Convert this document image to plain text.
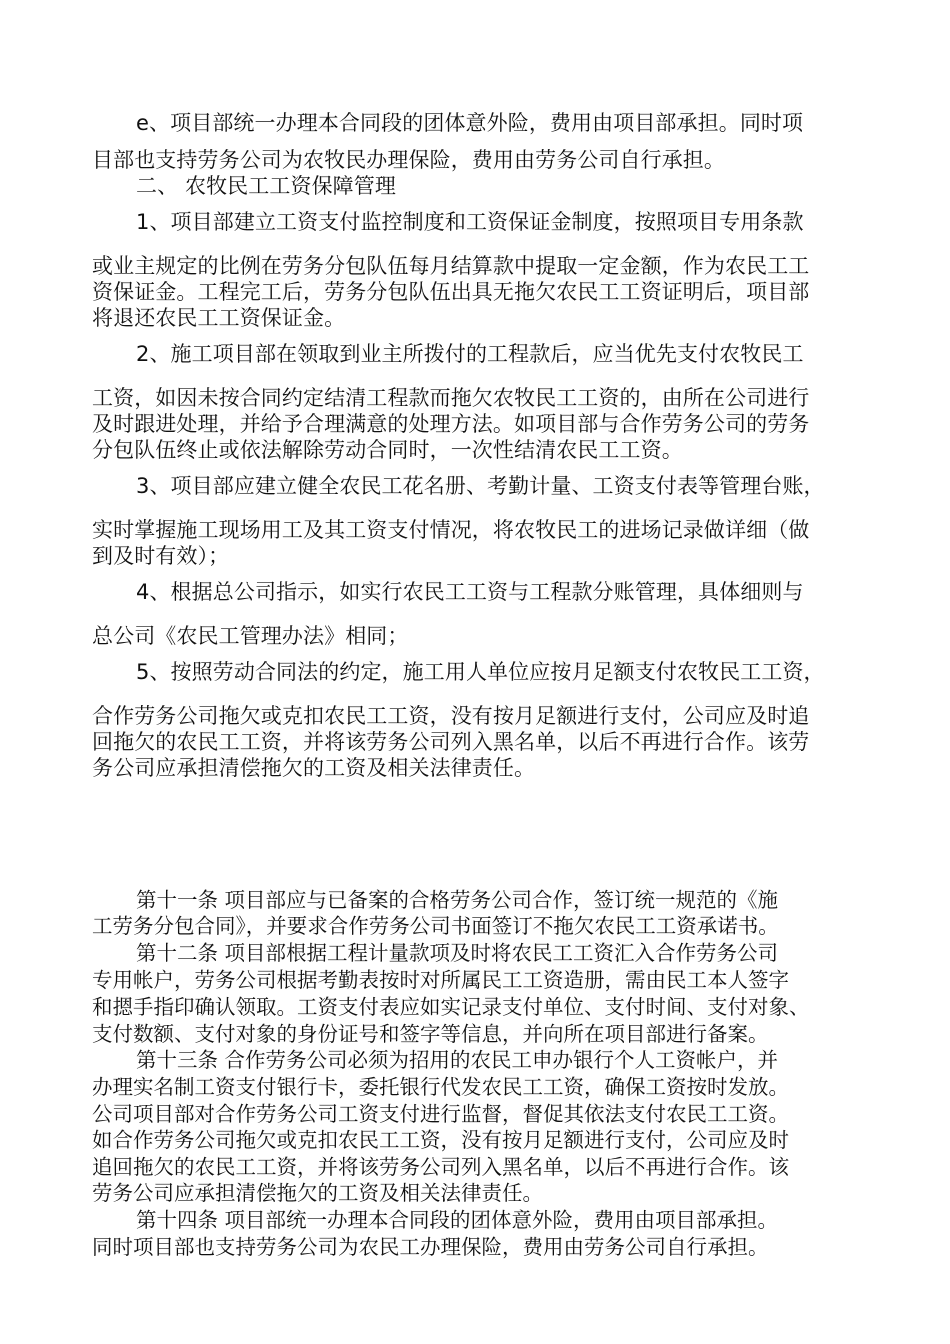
e、项目部统一办理本合同段的团体意外险，费用由项目部承担。同时项
目部也支持劳务公司为农牧民办理保险，费用由劳务公司自行承担。
二、 农牧民工工资保障管理
1、项目部建立工资支付监控制度和工资保证金制度，按照项目专用条款
或业主规定的比例在劳务分包队伍每月结算款中提取一定金额，作为农民工工
资保证金。工程完工后，劳务分包队伍出具无拖欠农民工工资证明后，项目部
将退还农民工工资保证金。
2、施工项目部在领取到业主所拨付的工程款后，应当优先支付农牧民工
工资，如因未按合同约定结清工程款而拖欠农牧民工工资的，由所在公司进行
及时跟进处理，并给予合理满意的处理方法。如项目部与合作劳务公司的劳务
分包队伍终止或依法解除劳动合同时，一次性结清农民工工资。
3、项目部应建立健全农民工花名册、考勤计量、工资支付表等管理台账，
实时掌握施工现场用工及其工资支付情况，将农牧民工的进场记录做详细（做
到及时有效）；
4、根据总公司指示，如实行农民工工资与工程款分账管理，具体细则与
总公司《农民工管理办法》相同；
5、按照劳动合同法的约定，施工用人单位应按月足额支付农牧民工工资，
合作劳务公司拖欠或克扣农民工工资，没有按月足额进行支付，公司应及时追
回拖欠的农民工工资，并将该劳务公司列入黑名单，以后不再进行合作。该劳
务公司应承担清偿拖欠的工资及相关法律责任。
第十一条 项目部应与已备案的合格劳务公司合作，签订统一规范的《施
工劳务分包合同》，并要求合作劳务公司书面签订不拖欠农民工工资承诺书。
第十二条 项目部根据工程计量款项及时将农民工工资汇入合作劳务公司
专用帐户，劳务公司根据考勤表按时对所属民工工资造册，需由民工本人签字
和摁手指印确认领取。工资支付表应如实记录支付单位、支付时间、支付对象、
支付数额、支付对象的身份证号和签字等信息，并向所在项目部进行备案。
第十三条 合作劳务公司必须为招用的农民工申办银行个人工资帐户，并
办理实名制工资支付银行卡，委托银行代发农民工工资，确保工资按时发放。
公司项目部对合作劳务公司工资支付进行监督，督促其依法支付农民工工资。
如合作劳务公司拖欠或克扣农民工工资，没有按月足额进行支付，公司应及时
追回拖欠的农民工工资，并将该劳务公司列入黑名单，以后不再进行合作。该
劳务公司应承担清偿拖欠的工资及相关法律责任。
第十四条 项目部统一办理本合同段的团体意外险，费用由项目部承担。
同时项目部也支持劳务公司为农民工办理保险，费用由劳务公司自行承担。
